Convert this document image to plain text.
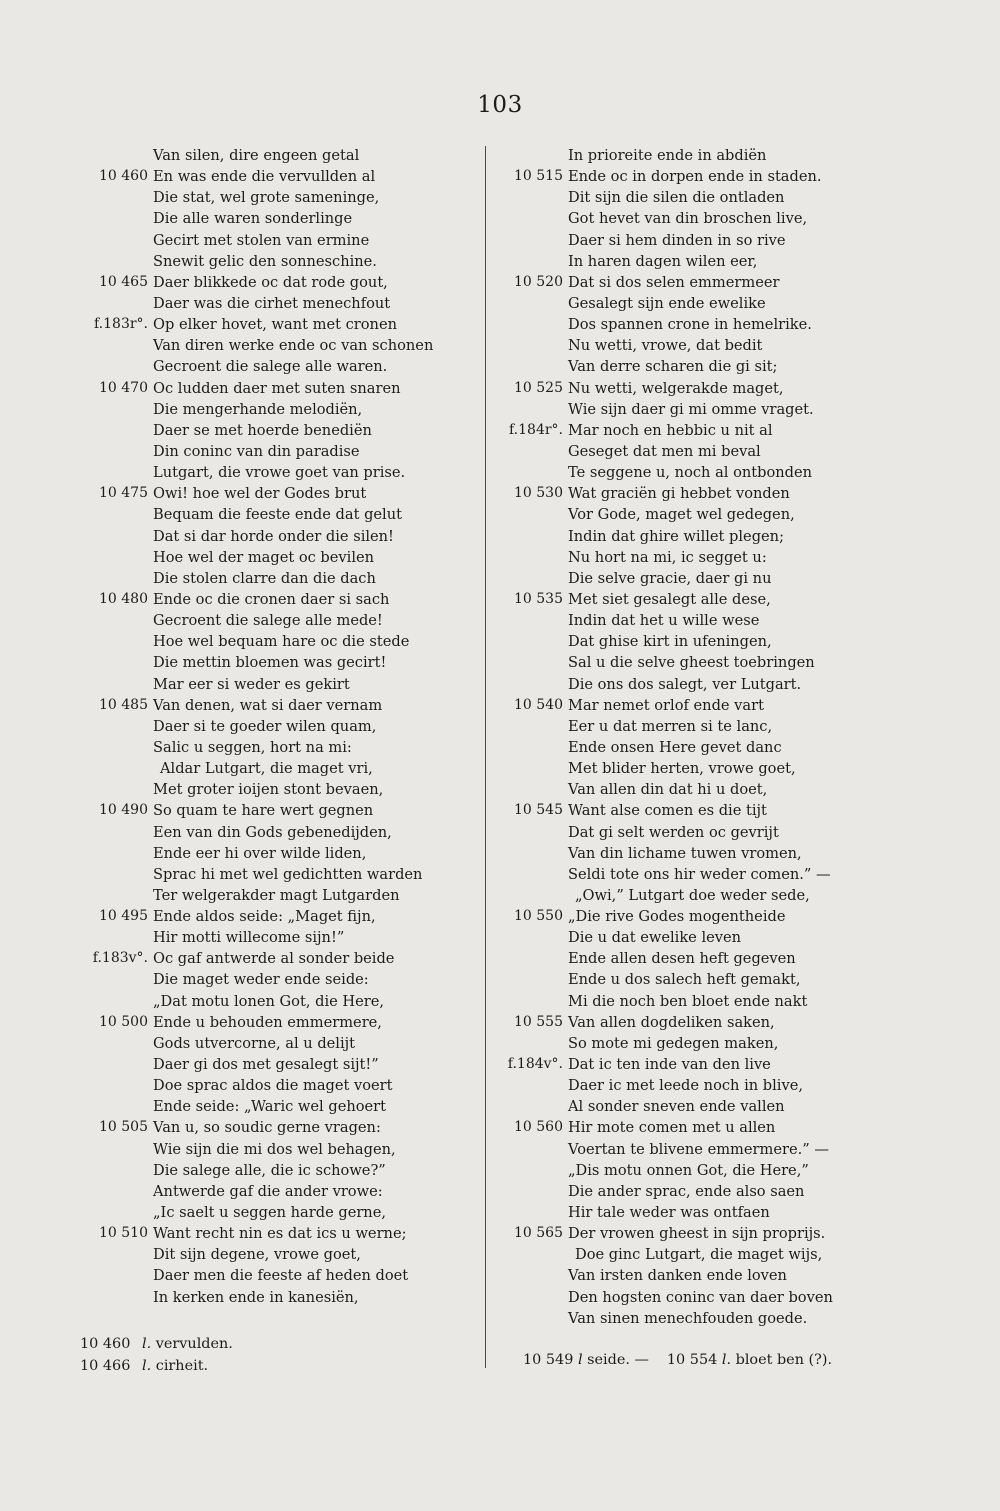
103
Van silen, dire engeen getal
10 460 En was ende die vervullden al
Die stat, wel grote sameninge,
Die alle waren sonderlinge
Gecirt met stolen van ermine
Snewit gelic den sonneschine.
10 465 Daer blikkede oc dat rode gout,
Daer was die cirhet menechfout
f.183r°. Op elker hovet, want met cronen
Van diren werke ende oc van schonen
Gecroent die salege alle waren.
10 470 Oc ludden daer met suten snaren
Die mengerhande melodiën,
Daer se met hoerde benediën
Din coninc van din paradise
Lutgart, die vrowe goet van prise.
10 475 Owi! hoe wel der Godes brut
Bequam die feeste ende dat gelut
Dat si dar horde onder die silen!
Hoe wel der maget oc bevilen
Die stolen clarre dan die dach
10 480 Ende oc die cronen daer si sach
Gecroent die salege alle mede!
Hoe wel bequam hare oc die stede
Die mettin bloemen was gecirt!
Mar eer si weder es gekirt
10 485 Van denen, wat si daer vernam
Daer si te goeder wilen quam,
Salic u seggen, hort na mi:
Aldar Lutgart, die maget vri,
Met groter ioijen stont bevaen,
10 490 So quam te hare wert gegnen
Een van din Gods gebenedijden,
Ende eer hi over wilde liden,
Sprac hi met wel gedichtten warden
Ter welgerakder magt Lutgarden
10 495 Ende aldos seide: „Maget fijn,
Hir motti willecome sijn!”
f.183v°. Oc gaf antwerde al sonder beide
Die maget weder ende seide:
„Dat motu lonen Got, die Here,
10 500 Ende u behouden emmermere,
Gods utvercorne, al u delijt
Daer gi dos met gesalegt sijt!”
Doe sprac aldos die maget voert
Ende seide: „Waric wel gehoert
10 505 Van u, so soudic gerne vragen:
Wie sijn die mi dos wel behagen,
Die salege alle, die ic schowe?”
Antwerde gaf die ander vrowe:
„Ic saelt u seggen harde gerne,
10 510 Want recht nin es dat ics u werne;
Dit sijn degene, vrowe goet,
Daer men die feeste af heden doet
In kerken ende in kanesiën,
In prioreite ende in abdiën
10 515 Ende oc in dorpen ende in staden.
Dit sijn die silen die ontladen
Got hevet van din broschen live,
Daer si hem dinden in so rive
In haren dagen wilen eer,
10 520 Dat si dos selen emmermeer
Gesalegt sijn ende ewelike
Dos spannen crone in hemelrike.
Nu wetti, vrowe, dat bedit
Van derre scharen die gi sit;
10 525 Nu wetti, welgerakde maget,
Wie sijn daer gi mi omme vraget.
f.184r°. Mar noch en hebbic u nit al
Geseget dat men mi beval
Te seggene u, noch al ontbonden
10 530 Wat graciën gi hebbet vonden
Vor Gode, maget wel gedegen,
Indin dat ghire willet plegen;
Nu hort na mi, ic segget u:
Die selve gracie, daer gi nu
10 535 Met siet gesalegt alle dese,
Indin dat het u wille wese
Dat ghise kirt in ufeningen,
Sal u die selve gheest toebringen
Die ons dos salegt, ver Lutgart.
10 540 Mar nemet orlof ende vart
Eer u dat merren si te lanc,
Ende onsen Here gevet danc
Met blider herten, vrowe goet,
Van allen din dat hi u doet,
10 545 Want alse comen es die tijt
Dat gi selt werden oc gevrijt
Van din lichame tuwen vromen,
Seldi tote ons hir weder comen.” —
„Owi,” Lutgart doe weder sede,
10 550 „Die rive Godes mogentheide
Die u dat ewelike leven
Ende allen desen heft gegeven
Ende u dos salech heft gemakt,
Mi die noch ben bloet ende nakt
10 555 Van allen dogdeliken saken,
So mote mi gedegen maken,
f.184v°. Dat ic ten inde van den live
Daer ic met leede noch in blive,
Al sonder sneven ende vallen
10 560 Hir mote comen met u allen
Voertan te blivene emmermere.” —
„Dis motu onnen Got, die Here,”
Die ander sprac, ende also saen
Hir tale weder was ontfaen
10 565 Der vrowen gheest in sijn proprijs.
Doe ginc Lutgart, die maget wijs,
Van irsten danken ende loven
Den hogsten coninc van daer boven
Van sinen menechfouden goede.
10 460 l. vervulden.
10 466 l. cirheit.	10 549 l seide. — 10 554 l. bloet ben (?).
